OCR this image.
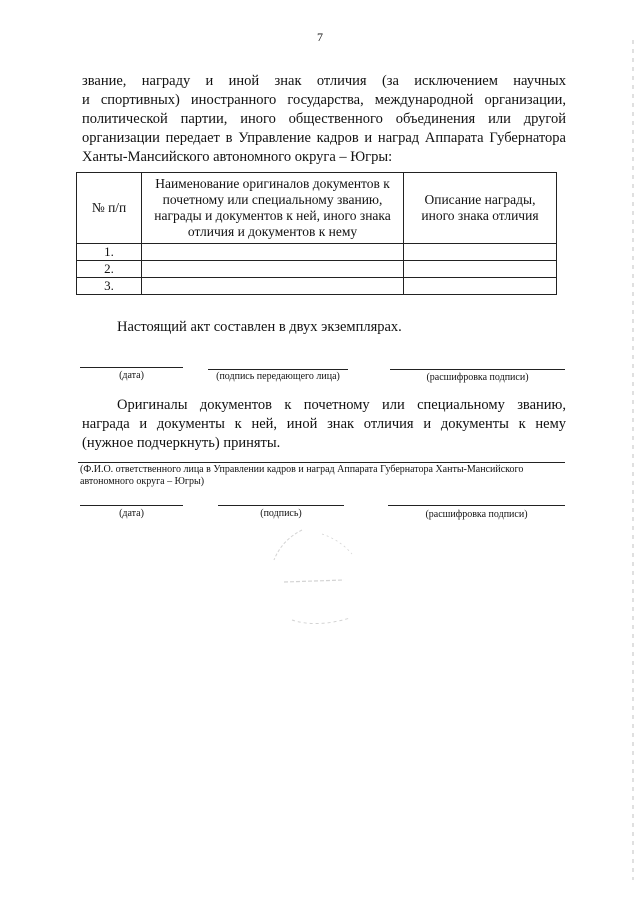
7
звание, награду и иной знак отличия (за исключением научных
и спортивных) иностранного государства, международной организации,
политической партии, иного общественного объединения или другой
организации передает в Управление кадров и наград Аппарата Губернатора
Ханты-Мансийского автономного округа – Югры:
№ п/п	Наименование оригиналов документов к почетному или специальному званию, награды и документов к ней, иного знака отличия и документов к нему	Описание награды, иного знака отличия
1.		
2.		
3.		
Настоящий акт составлен в двух экземплярах.
(дата)	(подпись передающего лица)	(расшифровка подписи)
Оригиналы документов к почетному или специальному званию,
награда и документы к ней, иной знак отличия и документы к нему
(нужное подчеркнуть) приняты.
(Ф.И.О. ответственного лица в Управлении кадров и наград Аппарата Губернатора Ханты-Мансийского автономного округа – Югры)
(дата)	(подпись)	(расшифровка подписи)
